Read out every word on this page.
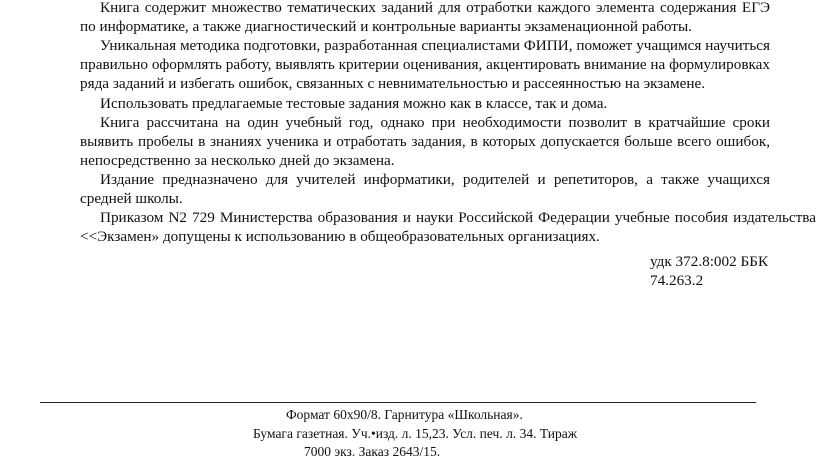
Книга содержит множество тематических заданий для отработки каждого элемента содержания ЕГЭ по информатике, а также диагностический и контрольные варианты экзаменационной работы.

Уникальная методика подготовки, разработанная специалистами ФИПИ, поможет учащимся научиться правильно оформлять работу, выявлять критерии оценивания, акцентировать внимание на формулировках ряда заданий и избегать ошибок, связанных с невнимательностью и рассеянностью на экзамене.

Использовать предлагаемые тестовые задания можно как в классе, так и дома.

Книга рассчитана на один учебный год, однако при необходимости позволит в кратчайшие сроки выявить пробелы в знаниях ученика и отработать задания, в которых допускается больше всего ошибок, непосредственно за несколько дней до экзамена.

Издание предназначено для учителей информатики, родителей и репетиторов, а также учащихся средней школы.

Приказом N2 729 Министерства образования и науки Российской Федерации учебные пособия издательства <<Экзамен» допущены к использованию в общеобразовательных организациях.

удк 372.8:002 ББК 74.263.2

Формат 60х90/8. Гарнитура «Школьная».

Бумага газетная. Уч.•изд. л. 15,23. Усл. печ. л. 34. Тираж

7000 экз. Заказ 2643/15.
